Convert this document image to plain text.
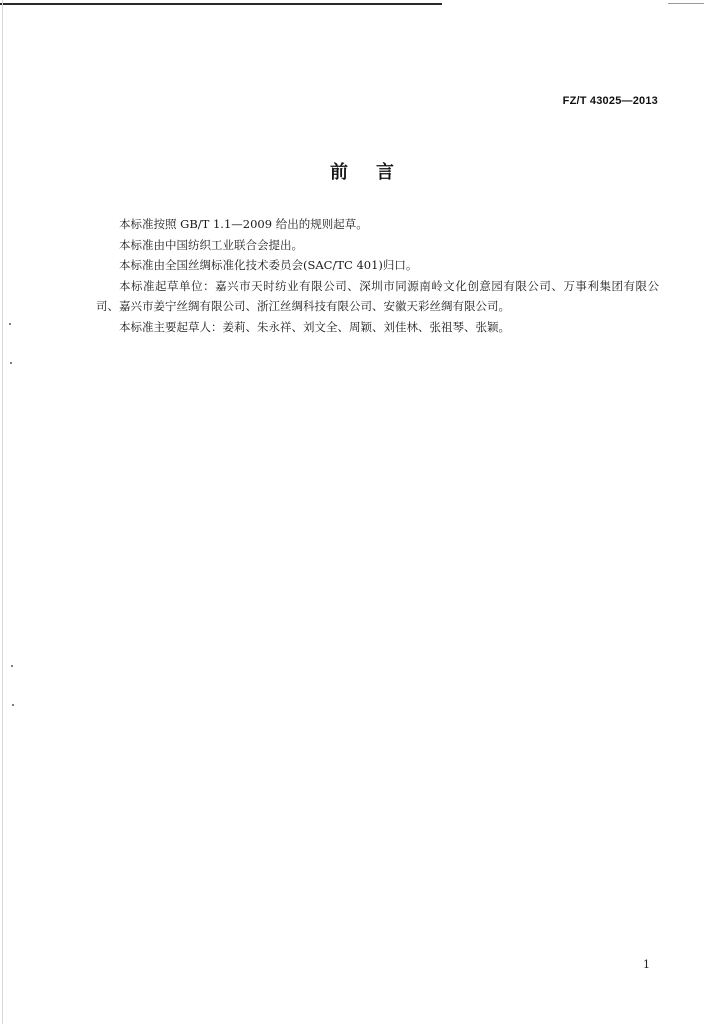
FZ/T 43025—2013
前言

本标准按照 GB/T 1.1—2009 给出的规则起草。

本标准由中国纺织工业联合会提出。

本标准由全国丝绸标准化技术委员会(SAC/TC 401)归口。

本标准起草单位：嘉兴市天时纺业有限公司、深圳市同源南岭文化创意园有限公司、万事利集团有限公司、嘉兴市姜宁丝绸有限公司、浙江丝绸科技有限公司、安徽天彩丝绸有限公司。

本标准主要起草人：姜莉、朱永祥、刘文全、周颖、刘佳林、张祖琴、张颖。

1
